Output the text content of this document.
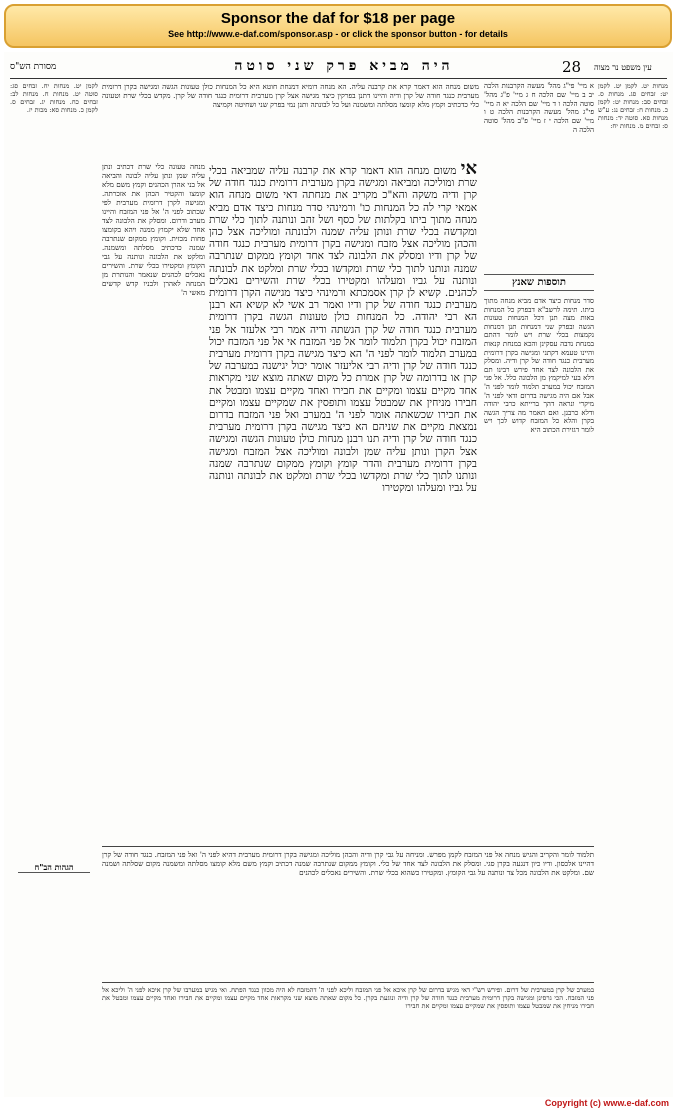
Sponsor the daf for $18 per page
See http://www.e-daf.com/sponsor.asp - or click the sponsor button - for details
מסורת הש"ס	היה מביא פרק שני סוטה	28 עין משפט נר מצוה

משום מנחה הוא דאמר קרא את קרבנה עליה. הא מנחה דומיא דמנחת חוטא היא כל המנחות כולן טעונות הגשה ומגישה בקרן דרומית מערבית כנגד חודה של קרן ודיה והיינו דתנן בפרקין כיצד מגישה אצל קרן מערבית דרומית כנגד חודה של קרן. מקדש בכלי שרת וטעונה כלי כדכתיב וקמץ מלא קומצו מסלתה ומשמנה ועל כל לבונתה ותנן נמי בפרק שני ושחיטה וקמיצה

אי משום מנחה הוא דאמר קרא את קרבנה עליה שמביאה בכלי שרת ומוליכה ומביאה ומגישה בקרן מערבית דרומית כנגד חודה של קרן ודיה משקה והא"כ מקריב את מנחתה דאי משום מנחה הוא אמאי קרי לה כל המנחות כו' ורמינהי סדר מנחות כיצד אדם מביא מנחה מתוך ביתו בקלתות של כסף ושל זהב ונותנה לתוך כלי שרת ומקדשה בכלי שרת ונותן עליה שמנה ולבונתה ומוליכה אצל כהן והכהן מוליכה אצל מזבח ומגישה בקרן דרומית מערבית כנגד חודה של קרן ודיו ומסלק את הלבונה לצד אחד וקומץ ממקום שנתרבה שמנה ונותנו לתוך כלי שרת ומקדשו בכלי שרת ומלקט את לבונתה ונותנה על גביו ומעלהו ומקטירו בכלי שרת והשירים נאכלים לכהנים. קשיא לן קרן אסמכתא ורמינהי כיצד מגישה הקרן דרומית מערבית כנגד חודה של קרן ודיו ואמר רב אשי לא קשיא הא רבנן הא רבי יהודה. כל המנחות כולן טעונות הגשה בקרן דרומית מערבית כנגד חודה של קרן הגשתה ודיה אמר רבי אלעזר אל פני המזבח יכול בקרן תלמוד לומר אל פני המזבח אי אל פני המזבח יכול במערב תלמוד לומר לפני ה' הא כיצד מגישה בקרן דרומית מערבית כנגד חודה של קרן ודיה רבי אליעזר אומר יכול יגישנה במערבה של קרן או בדרומה של קרן אמרת כל מקום שאתה מוצא שני מקראות אחד מקיים עצמו ומקיים את חבירו ואחד מקיים עצמו ומבטל את חבירו מניחין את שמבטל עצמו ותופסין את שמקיים עצמו ומקיים את חבירו שכשאתה אומר לפני ה' במערב ואל פני המזבח בדרום נמצאת מקיים את שניהם הא כיצד מגישה בקרן דרומית מערבית כנגד חודה של קרן ודיה תנו רבנן מנחות כולן טעונות הגשה ומגישה אצל הקרן ונותן עליה שמן ולבונה ומוליכה אצל המזבח ומגישה בקרן דרומית מערבית והדר קומץ וקומץ ממקום שנתרבה שמנה ונותנו לתוך כלי שרת ומקדשו בכלי שרת ומלקט את לבונתה ונותנה על גביו ומעלהו ומקטירו

מנחה טעונה כלי שרת דכתיב ונתן עליה שמן ונתן עליה לבונה והביאה אל בני אהרן הכהנים וקמץ משם מלא קומצו והקטיר הכהן את אזכרתה. ומגישה לקרן דרומית מערבית לפי שכתוב לפני ה' אל פני המזבח והיינו מערב ודרום. ומסלק את הלבונה לצד אחד שלא יקמוץ ממנה ויהא בקומצו פחות מכזית. וקומץ ממקום שנתרבה שמנה כדכתיב מסלתה ומשמנה. ומלקט את הלבונה ונותנה על גבי הקומץ ומקטירו בכלי שרת. והשירים נאכלים לכהנים שנאמר והנותרת מן המנחה לאהרן ולבניו קדש קדשים מאשי ה'

א מיי' פי"ג מהל' מעשה הקרבנות הלכה יב ב מיי' שם הלכה ח ג מיי' פ"ג מהל' סוטה הלכה ו ד מיי' שם הלכה יא ה מיי' פי"ג מהל' מעשה הקרבנות הלכה ט ו מיי' שם הלכה י ז מיי' פ"ב מהל' סוטה הלכה ה

תוספות שאנץ

סדר מנחות כיצד אדם מביא מנחה מתוך ביתו. תימה לרשב"א דבפרק כל המנחות באות מצה תנן דכל המנחות טעונות הגשה ובפרק שני דמנחות תנן דמנחות נקמצות בכלי שרת ויש לומר דהתם במנחת נדבה עסקינן והכא במנחת קנאות והיינו טעמא דקתני ומגישה בקרן דרומית מערבית כנגד חודה של קרן ודיה. ומסלק את הלבונה לצד אחד פירש רבינו תם דלא בעי למיקמץ מן הלבונה כלל. אל פני המזבח יכול במערב תלמוד לומר לפני ה' אבל אם היה מגישה בדרום ודאי לפני ה' מיקרי ונראה דהך ברייתא כרבי יהודה ודלא כרבנן. ואם תאמר מה צריך הגשה בקרן והלא כל המזבח קדוש לכך ויש לומר דגזירת הכתוב היא

מנחות יט. לקמן יט. לקמן יט: זבחים סג. מנחות ס. זבחים סב: מנחות יט: לקמן כ. מנחות ח: זבחים נג: ע"ש מנחות סא. סוטה יד: מנחות ס: זבחים מ. מנחות יח:

לקמן יט. מנחות יח. זבחים סג: סוטה יט. מנחות ח. מנחות לב: זבחים כח. מנחות יג. זבחים ס. לקמן כ. מנחות סא: מכות יז.

הגהות הב"ח

תלמוד לומר והקריב והגיש מנחה אל פני המזבח לקמן מפרש. ומניחה על גבי קרן ודיה והכהן מוליכה ומגישה בקרן דרומית מערבית דהיא לפני ה' ואל פני המזבח. כנגד חודה של קרן דהיינו אלכסון. ודיו כיון דנגעה בקרן סגי. ומסלק את הלבונה לצד אחד של כלי. וקומץ ממקום שנתרבה שמנה דכתיב וקמץ משם מלא קומצו מסלתה ומשמנה מקום שסלתה ושמנה שם. ומלקט את הלבונה מכל צד ונותנה על גבי הקומץ. ומקטירו כשהוא בכלי שרת. והשירים נאכלים לכהנים

במערב של קרן במערבית של דרום. ופירש רש"י דאי מגיש בדרום של קרן איכא אל פני המזבח וליכא לפני ה' דהמזבח לא היה מכוון כנגד הפתח. ואי מגיש במערבו של קרן איכא לפני ה' וליכא אל פני המזבח. הכי גרסינן ומגישה בקרן דרומית מערבית כנגד חודה של קרן ודיה ונוגעת בקרן. כל מקום שאתה מוצא שני מקראות אחד מקיים עצמו ומקיים את חבירו ואחד מקיים עצמו ומבטל את חבירו מניחין את שמבטל עצמו ותופסין את שמקיים עצמו ומקיים את חבירו

Copyright (c) www.e-daf.com
